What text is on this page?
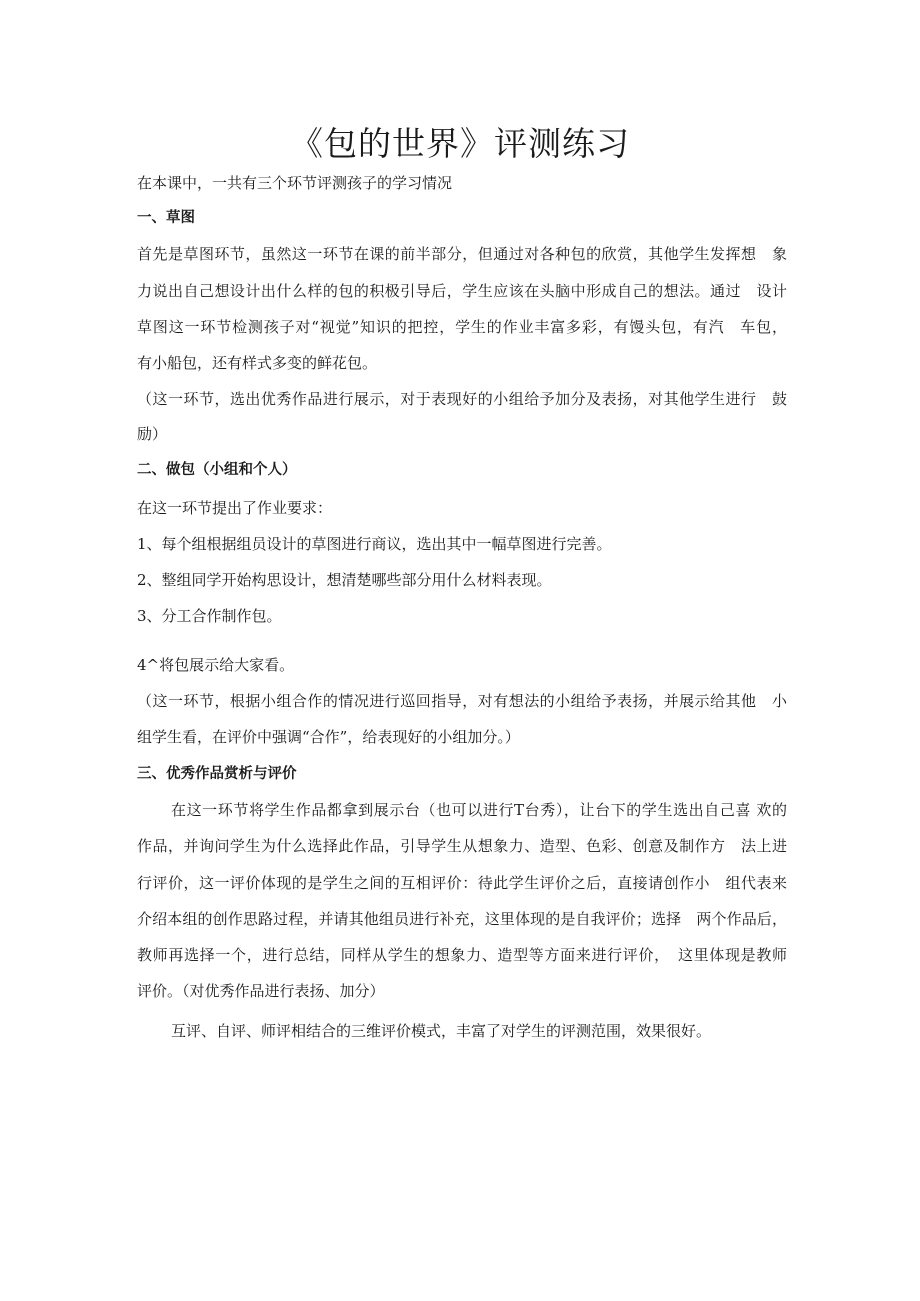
《包的世界》评测练习

在本课中，一共有三个环节评测孩子的学习情况

一、草图

首先是草图环节，虽然这一环节在课的前半部分，但通过对各种包的欣赏，其他学生发挥想　象

力说出自己想设计出什么样的包的积极引导后，学生应该在头脑中形成自己的想法。通过　设计

草图这一环节检测孩子对“视觉”知识的把控，学生的作业丰富多彩，有馒头包，有汽　车包，

有小船包，还有样式多变的鲜花包。

（这一环节，选出优秀作品进行展示，对于表现好的小组给予加分及表扬，对其他学生进行　鼓

励）

二、做包（小组和个人）

在这一环节提出了作业要求：

1、每个组根据组员设计的草图进行商议，选出其中一幅草图进行完善。

2、整组同学开始构思设计，想清楚哪些部分用什么材料表现。

3、分工合作制作包。

4^将包展示给大家看。

（这一环节，根据小组合作的情况进行巡回指导，对有想法的小组给予表扬，并展示给其他　小

组学生看，在评价中强调“合作”，给表现好的小组加分。）

三、优秀作品赏析与评价

在这一环节将学生作品都拿到展示台（也可以进行T台秀），让台下的学生选出自己喜 欢的

作品，并询问学生为什么选择此作品，引导学生从想象力、造型、色彩、创意及制作方　法上进

行评价，这一评价体现的是学生之间的互相评价：待此学生评价之后，直接请创作小　组代表来

介绍本组的创作思路过程，并请其他组员进行补充，这里体现的是自我评价；选择　两个作品后，

教师再选择一个，进行总结，同样从学生的想象力、造型等方面来进行评价，　这里体现是教师

评价。（对优秀作品进行表扬、加分）

互评、自评、师评相结合的三维评价模式，丰富了对学生的评测范围，效果很好。
